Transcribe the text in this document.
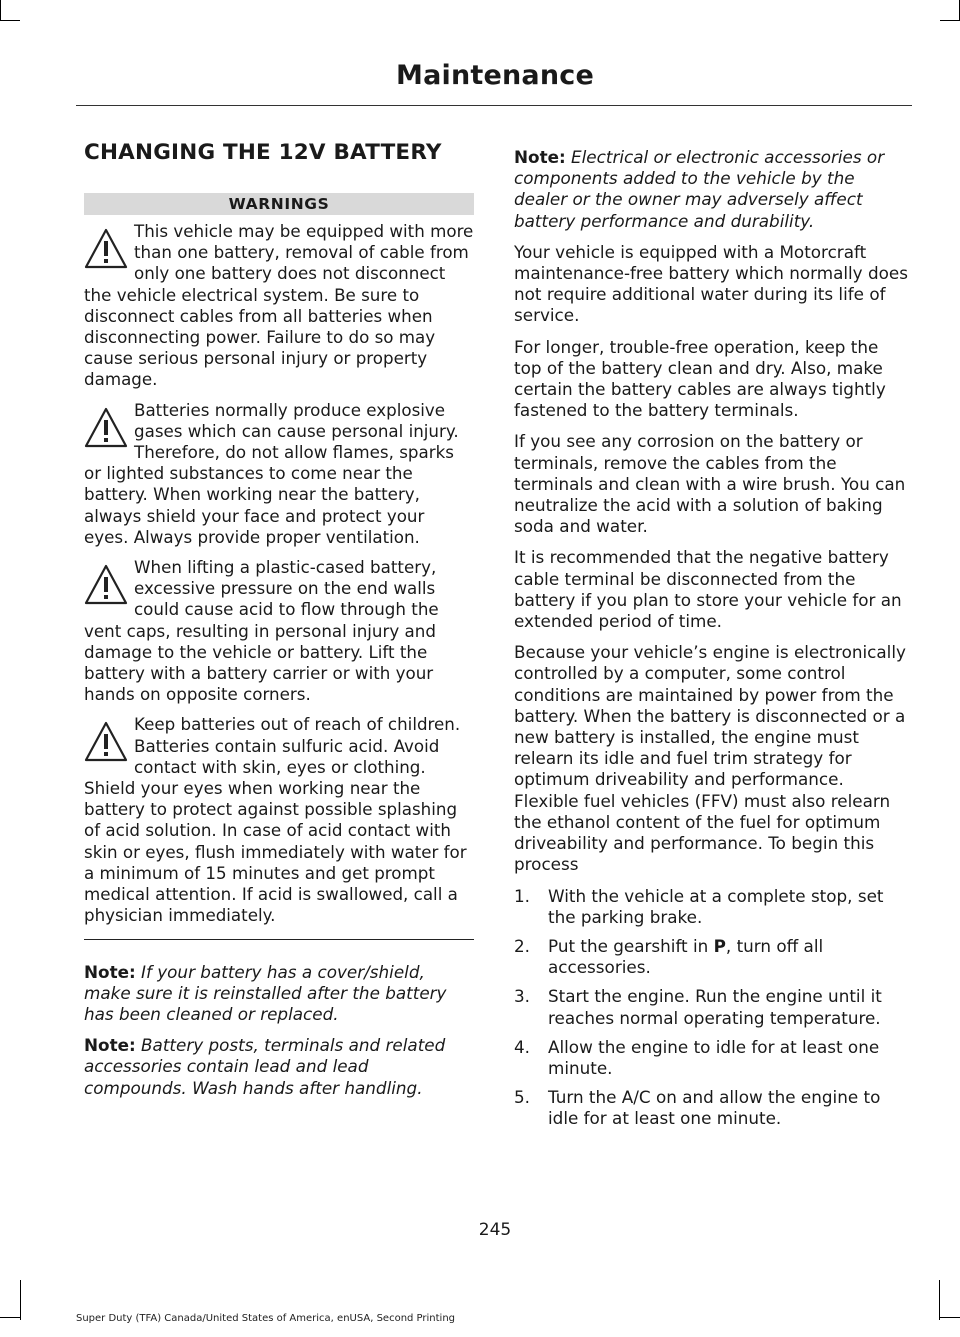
Maintenance
CHANGING THE 12V BATTERY
WARNINGS
This vehicle may be equipped with more than one battery, removal of cable from only one battery does not disconnect the vehicle electrical system. Be sure to disconnect cables from all batteries when disconnecting power. Failure to do so may cause serious personal injury or property damage.
Batteries normally produce explosive gases which can cause personal injury. Therefore, do not allow flames, sparks or lighted substances to come near the battery. When working near the battery, always shield your face and protect your eyes. Always provide proper ventilation.
When lifting a plastic-cased battery, excessive pressure on the end walls could cause acid to flow through the vent caps, resulting in personal injury and damage to the vehicle or battery. Lift the battery with a battery carrier or with your hands on opposite corners.
Keep batteries out of reach of children. Batteries contain sulfuric acid. Avoid contact with skin, eyes or clothing. Shield your eyes when working near the battery to protect against possible splashing of acid solution. In case of acid contact with skin or eyes, flush immediately with water for a minimum of 15 minutes and get prompt medical attention. If acid is swallowed, call a physician immediately.

Note: If your battery has a cover/shield, make sure it is reinstalled after the battery has been cleaned or replaced.

Note: Battery posts, terminals and related accessories contain lead and lead compounds. Wash hands after handling.

Note: Electrical or electronic accessories or components added to the vehicle by the dealer or the owner may adversely affect battery performance and durability.

Your vehicle is equipped with a Motorcraft maintenance-free battery which normally does not require additional water during its life of service.

For longer, trouble-free operation, keep the top of the battery clean and dry. Also, make certain the battery cables are always tightly fastened to the battery terminals.

If you see any corrosion on the battery or terminals, remove the cables from the terminals and clean with a wire brush. You can neutralize the acid with a solution of baking soda and water.

It is recommended that the negative battery cable terminal be disconnected from the battery if you plan to store your vehicle for an extended period of time.

Because your vehicle’s engine is electronically controlled by a computer, some control conditions are maintained by power from the battery. When the battery is disconnected or a new battery is installed, the engine must relearn its idle and fuel trim strategy for optimum driveability and performance. Flexible fuel vehicles (FFV) must also relearn the ethanol content of the fuel for optimum driveability and performance. To begin this process

1. With the vehicle at a complete stop, set the parking brake.
2. Put the gearshift in P, turn off all accessories.
3. Start the engine. Run the engine until it reaches normal operating temperature.
4. Allow the engine to idle for at least one minute.
5. Turn the A/C on and allow the engine to idle for at least one minute.
245
Super Duty (TFA) Canada/United States of America, enUSA, Second Printing
